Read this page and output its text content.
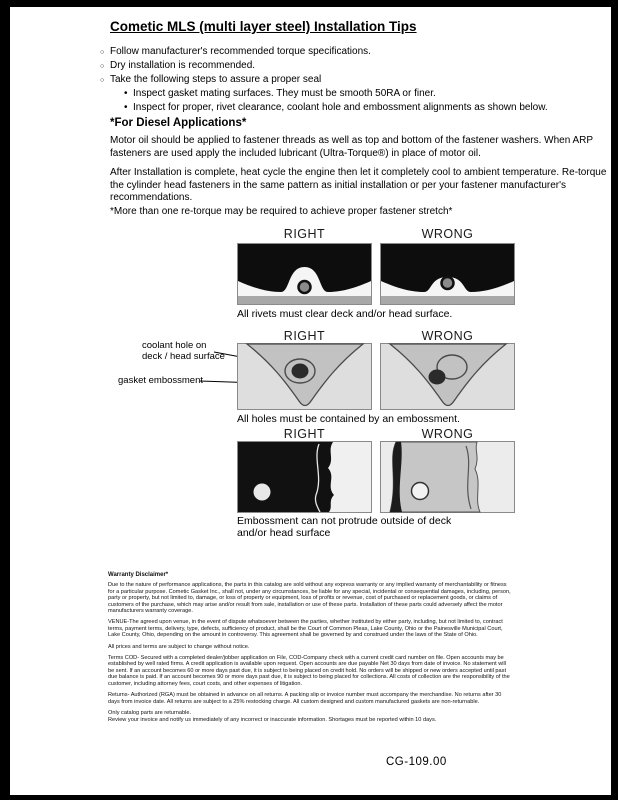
Cometic MLS (multi layer steel) Installation Tips
○ Follow manufacturer's recommended torque specifications.
○ Dry installation is recommended.
○ Take the following steps to assure a proper seal
• Inspect gasket mating surfaces. They must be smooth 50RA or finer.
• Inspect for proper, rivet clearance, coolant hole and embossment alignments as shown below.
*For Diesel Applications*

Motor oil should be applied to fastener threads as well as top and bottom of the fastener washers. When ARP fasteners are used apply the included lubricant (Ultra-Torque®) in place of motor oil.

After Installation is complete, heat cycle the engine then let it completely cool to ambient temperature. Re-torque the cylinder head fasteners in the same pattern as initial installation or per your fastener manufacturer's recommendations.

*More than one re-torque may be required to achieve proper fastener stretch*

RIGHT	WRONG
All rivets must clear deck and/or head surface.
RIGHT	WRONG
coolant hole on
deck / head surface
gasket embossment
All holes must be contained by an embossment.
RIGHT	WRONG
Embossment can not protrude outside of deck
and/or head surface

Warranty Disclaimer*

Due to the nature of performance applications, the parts in this catalog are sold without any express warranty or any implied warranty of merchantability or fitness for a particular purpose. Cometic Gasket Inc., shall not, under any circumstances, be liable for any special, incidental or consequential damages, including, person, party or property, but not limited to, damage, or loss of property or equipment, loss of profits or revenue, cost of purchased or replacement goods, or claims of customers of the purchase, which may arise and/or result from sale, installation or use of these parts. Installation of these parts could adversely affect the motor manufacturers warranty coverage.

VENUE-The agreed upon venue, in the event of dispute whatsoever between the parties, whether instituted by either party, including, but not limited to, contract terms, payment terms, delivery, type, defects, sufficiency of product, shall be the Court of Common Pleas, Lake County, Ohio or the Painesville Municipal Court, Lake County, Ohio, depending on the amount in controversy. This agreement shall be governed by and construed under the laws of the State of Ohio.

All prices and terms are subject to change without notice.

Terms COD- Secured with a completed dealer/jobber application on File, COD-Company check with a current credit card number on file. Open accounts may be established by well rated firms. A credit application is available upon request. Open accounts are due payable Net 30 days from date of invoice. No statement will be sent. If an account becomes 60 or more days past due, it is subject to being placed on credit hold. No orders will be shipped or new orders accepted until past due balance is paid. If an account becomes 90 or more days past due, it is subject to being placed for collections. All costs of collection are the responsibility of the customer, including attorney fees, court costs, and other expenses of litigation.

Returns- Authorized (RGA) must be obtained in advance on all returns. A packing slip or invoice number must accompany the merchandise. No returns after 30 days from invoice date. All returns are subject to a 25% restocking charge. All custom designed and custom manufactured gaskets are non-returnable.

Only catalog parts are returnable.

Review your invoice and notify us immediately of any incorrect or inaccurate information. Shortages must be reported within 10 days.

CG-109.00
